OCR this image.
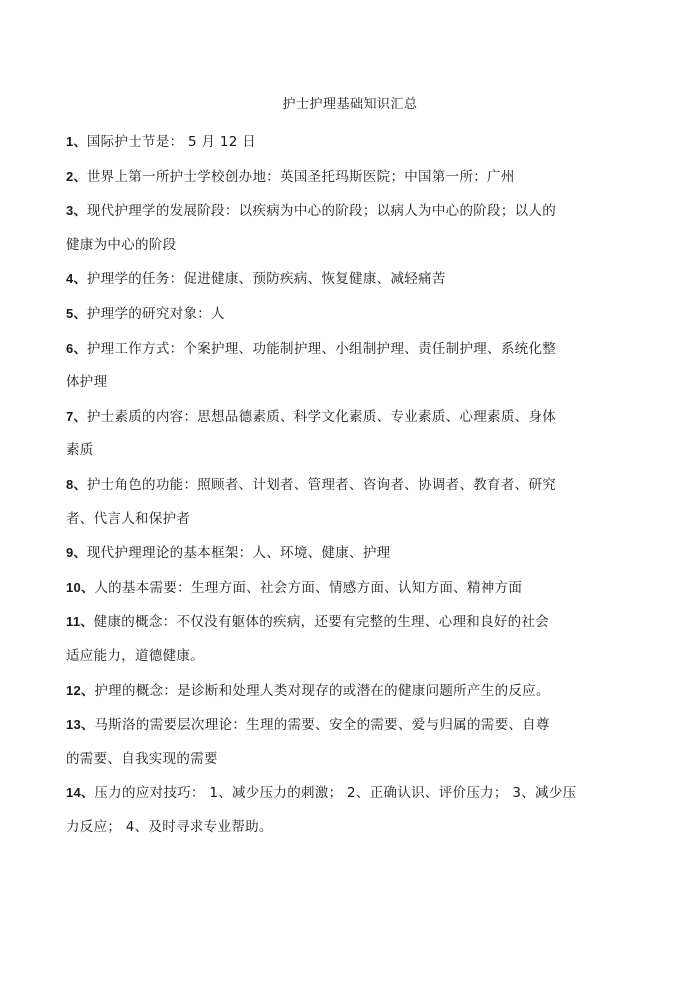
护士护理基础知识汇总

1、国际护士节是： 5 月 12 日

2、世界上第一所护士学校创办地：英国圣托玛斯医院；中国第一所：广州

3、现代护理学的发展阶段：以疾病为中心的阶段；以病人为中心的阶段；以人的

健康为中心的阶段

4、护理学的任务：促进健康、预防疾病、恢复健康、减轻痛苦

5、护理学的研究对象：人

6、护理工作方式：个案护理、功能制护理、小组制护理、责任制护理、系统化整

体护理

7、护士素质的内容：思想品德素质、科学文化素质、专业素质、心理素质、身体

素质

8、护士角色的功能：照顾者、计划者、管理者、咨询者、协调者、教育者、研究

者、代言人和保护者

9、现代护理理论的基本框架：人、环境、健康、护理

10、人的基本需要：生理方面、社会方面、情感方面、认知方面、精神方面

11、健康的概念：不仅没有躯体的疾病，还要有完整的生理、心理和良好的社会

适应能力，道德健康。

12、护理的概念：是诊断和处理人类对现存的或潜在的健康问题所产生的反应。

13、马斯洛的需要层次理论：生理的需要、安全的需要、爱与归属的需要、自尊

的需要、自我实现的需要

14、压力的应对技巧： 1、减少压力的刺激； 2、正确认识、评价压力； 3、减少压

力反应； 4、及时寻求专业帮助。
